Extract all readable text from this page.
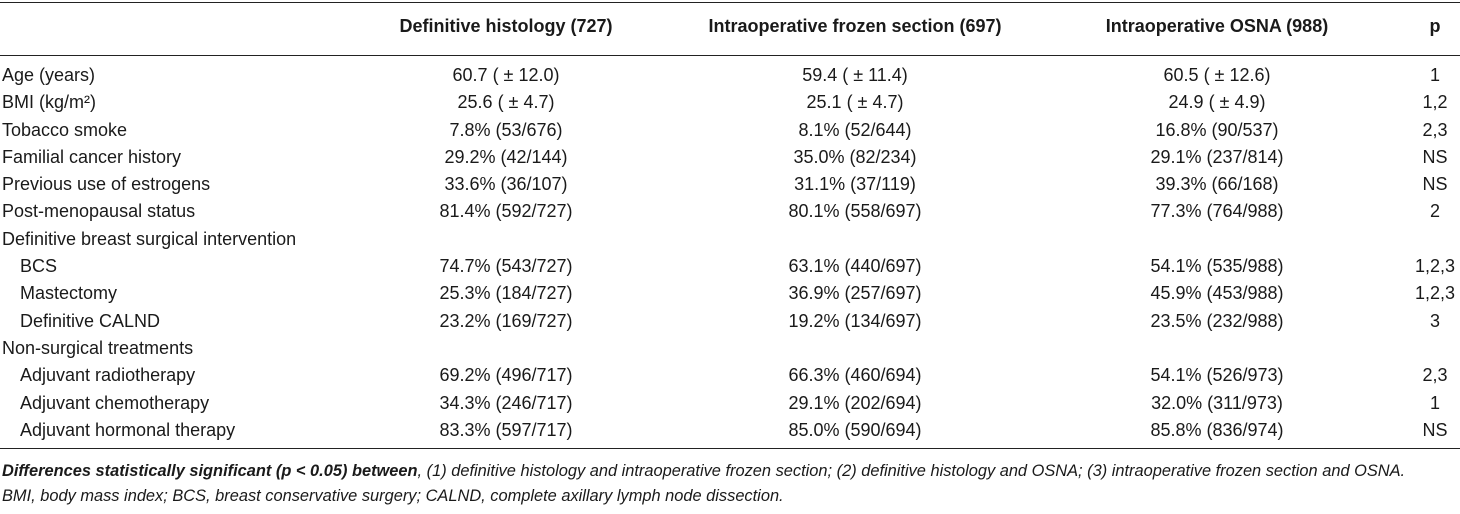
Definitive histology (727)	Intraoperative frozen section (697)	Intraoperative OSNA (988)	p
Age (years)	60.7 ( ± 12.0)	59.4 ( ± 11.4)	60.5 ( ± 12.6)	1
BMI (kg/m²)	25.6 ( ± 4.7)	25.1 ( ± 4.7)	24.9 ( ± 4.9)	1,2
Tobacco smoke	7.8% (53/676)	8.1% (52/644)	16.8% (90/537)	2,3
Familial cancer history	29.2% (42/144)	35.0% (82/234)	29.1% (237/814)	NS
Previous use of estrogens	33.6% (36/107)	31.1% (37/119)	39.3% (66/168)	NS
Post-menopausal status	81.4% (592/727)	80.1% (558/697)	77.3% (764/988)	2
Definitive breast surgical intervention
BCS	74.7% (543/727)	63.1% (440/697)	54.1% (535/988)	1,2,3
Mastectomy	25.3% (184/727)	36.9% (257/697)	45.9% (453/988)	1,2,3
Definitive CALND	23.2% (169/727)	19.2% (134/697)	23.5% (232/988)	3
Non-surgical treatments
Adjuvant radiotherapy	69.2% (496/717)	66.3% (460/694)	54.1% (526/973)	2,3
Adjuvant chemotherapy	34.3% (246/717)	29.1% (202/694)	32.0% (311/973)	1
Adjuvant hormonal therapy	83.3% (597/717)	85.0% (590/694)	85.8% (836/974)	NS
Differences statistically significant (p < 0.05) between, (1) definitive histology and intraoperative frozen section; (2) definitive histology and OSNA; (3) intraoperative frozen section and OSNA.
BMI, body mass index; BCS, breast conservative surgery; CALND, complete axillary lymph node dissection.
